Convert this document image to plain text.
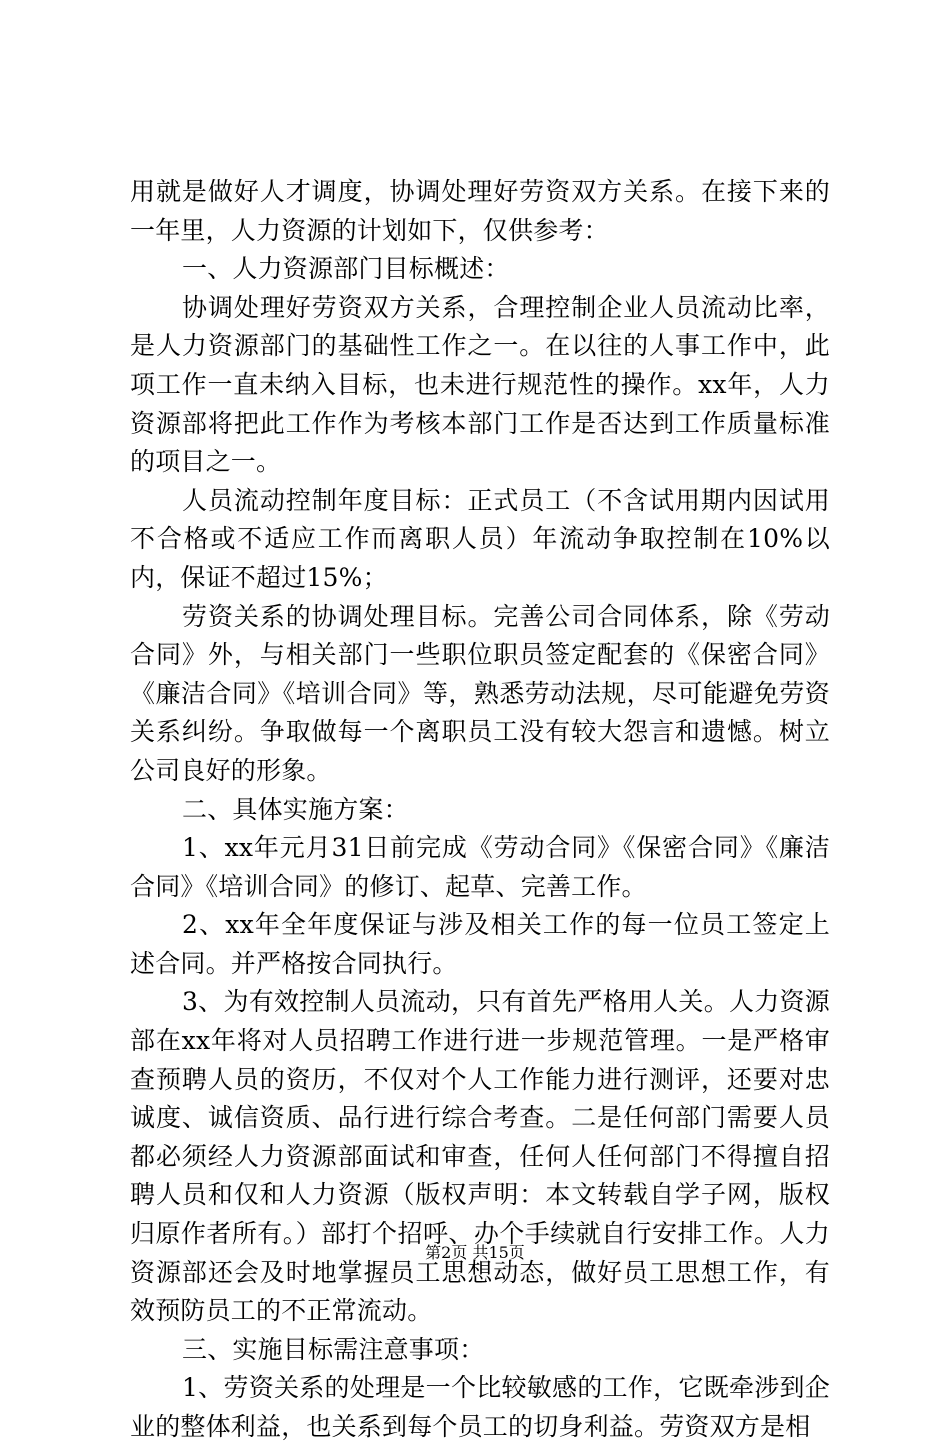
用就是做好人才调度，协调处理好劳资双方关系。在接下来的一年里，人力资源的计划如下，仅供参考：

一、人力资源部门目标概述：

协调处理好劳资双方关系，合理控制企业人员流动比率，是人力资源部门的基础性工作之一。在以往的人事工作中，此项工作一直未纳入目标，也未进行规范性的操作。xx年，人力资源部将把此工作作为考核本部门工作是否达到工作质量标准的项目之一。

人员流动控制年度目标：正式员工（不含试用期内因试用不合格或不适应工作而离职人员）年流动争取控制在10%以内，保证不超过15%；

劳资关系的协调处理目标。完善公司合同体系，除《劳动合同》外，与相关部门一些职位职员签定配套的《保密合同》《廉洁合同》《培训合同》等，熟悉劳动法规，尽可能避免劳资关系纠纷。争取做每一个离职员工没有较大怨言和遗憾。树立公司良好的形象。

二、具体实施方案：

1、xx年元月31日前完成《劳动合同》《保密合同》《廉洁合同》《培训合同》的修订、起草、完善工作。

2、xx年全年度保证与涉及相关工作的每一位员工签定上述合同。并严格按合同执行。

3、为有效控制人员流动，只有首先严格用人关。人力资源部在xx年将对人员招聘工作进行进一步规范管理。一是严格审查预聘人员的资历，不仅对个人工作能力进行测评，还要对忠诚度、诚信资质、品行进行综合考查。二是任何部门需要人员都必须经人力资源部面试和审查，任何人任何部门不得擅自招聘人员和仅和人力资源（版权声明：本文转载自学子网，版权归原作者所有。）部打个招呼、办个手续就自行安排工作。人力资源部还会及时地掌握员工思想动态，做好员工思想工作，有效预防员工的不正常流动。

三、实施目标需注意事项：

1、劳资关系的处理是一个比较敏感的工作，它既牵涉到企业的整体利益，也关系到每个员工的切身利益。劳资双方是相

第2页 共15页
